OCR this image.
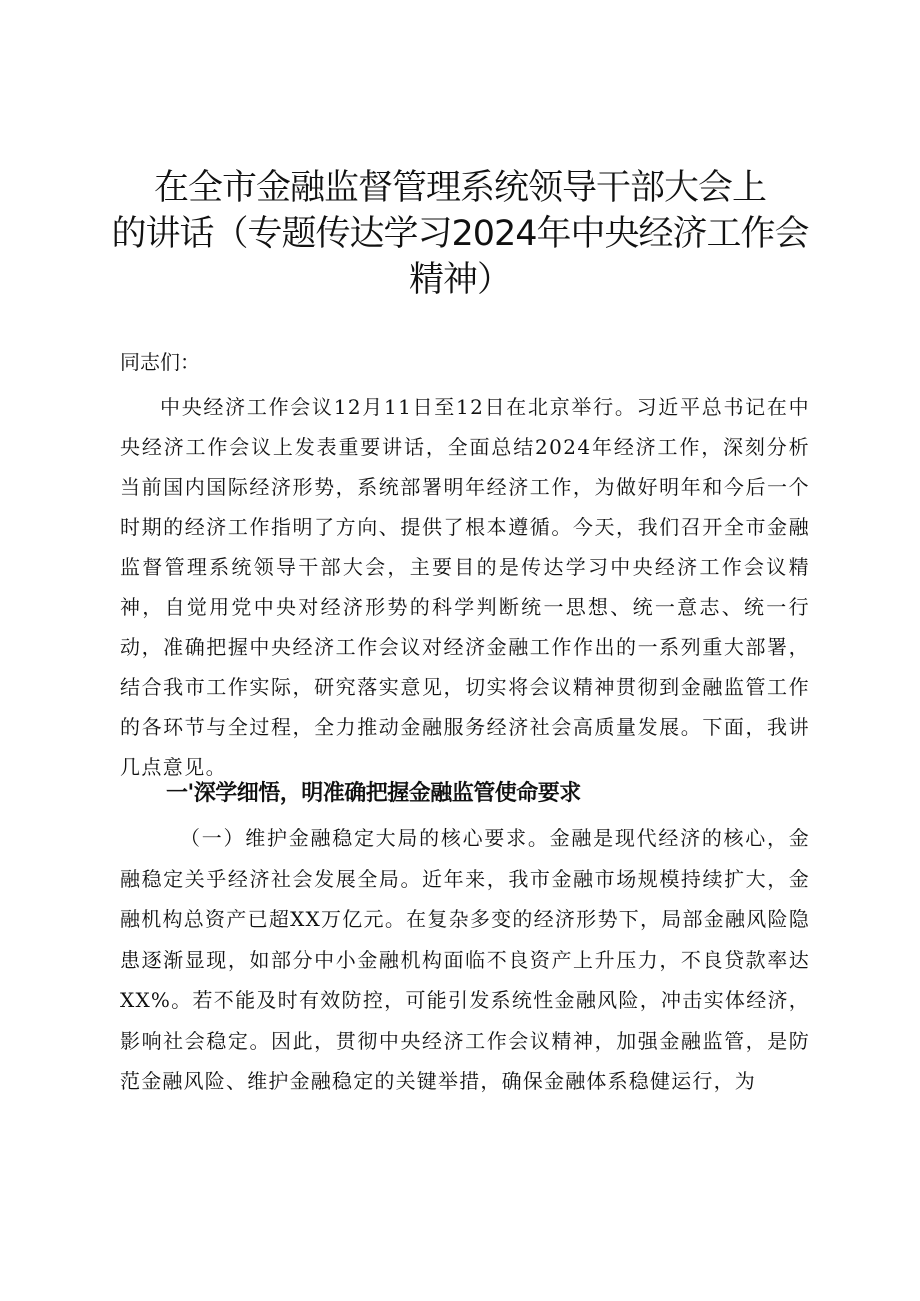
在全市金融监督管理系统领导干部大会上
的讲话（专题传达学习2024年中央经济工作会
精神）

同志们：

中央经济工作会议12月11日至12日在北京举行。习近平总书记在中央经济工作会议上发表重要讲话，全面总结2024年经济工作，深刻分析当前国内国际经济形势，系统部署明年经济工作，为做好明年和今后一个时期的经济工作指明了方向、提供了根本遵循。今天，我们召开全市金融监督管理系统领导干部大会，主要目的是传达学习中央经济工作会议精神，自觉用党中央对经济形势的科学判断统一思想、统一意志、统一行动，准确把握中央经济工作会议对经济金融工作作出的一系列重大部署，结合我市工作实际，研究落实意见，切实将会议精神贯彻到金融监管工作的各环节与全过程，全力推动金融服务经济社会高质量发展。下面，我讲几点意见。

一'深学细悟，明准确把握金融监管使命要求

（一）维护金融稳定大局的核心要求。金融是现代经济的核心，金融稳定关乎经济社会发展全局。近年来，我市金融市场规模持续扩大，金融机构总资产已超XX万亿元。在复杂多变的经济形势下，局部金融风险隐患逐渐显现，如部分中小金融机构面临不良资产上升压力，不良贷款率达XX%。若不能及时有效防控，可能引发系统性金融风险，冲击实体经济，影响社会稳定。因此，贯彻中央经济工作会议精神，加强金融监管，是防范金融风险、维护金融稳定的关键举措，确保金融体系稳健运行，为
